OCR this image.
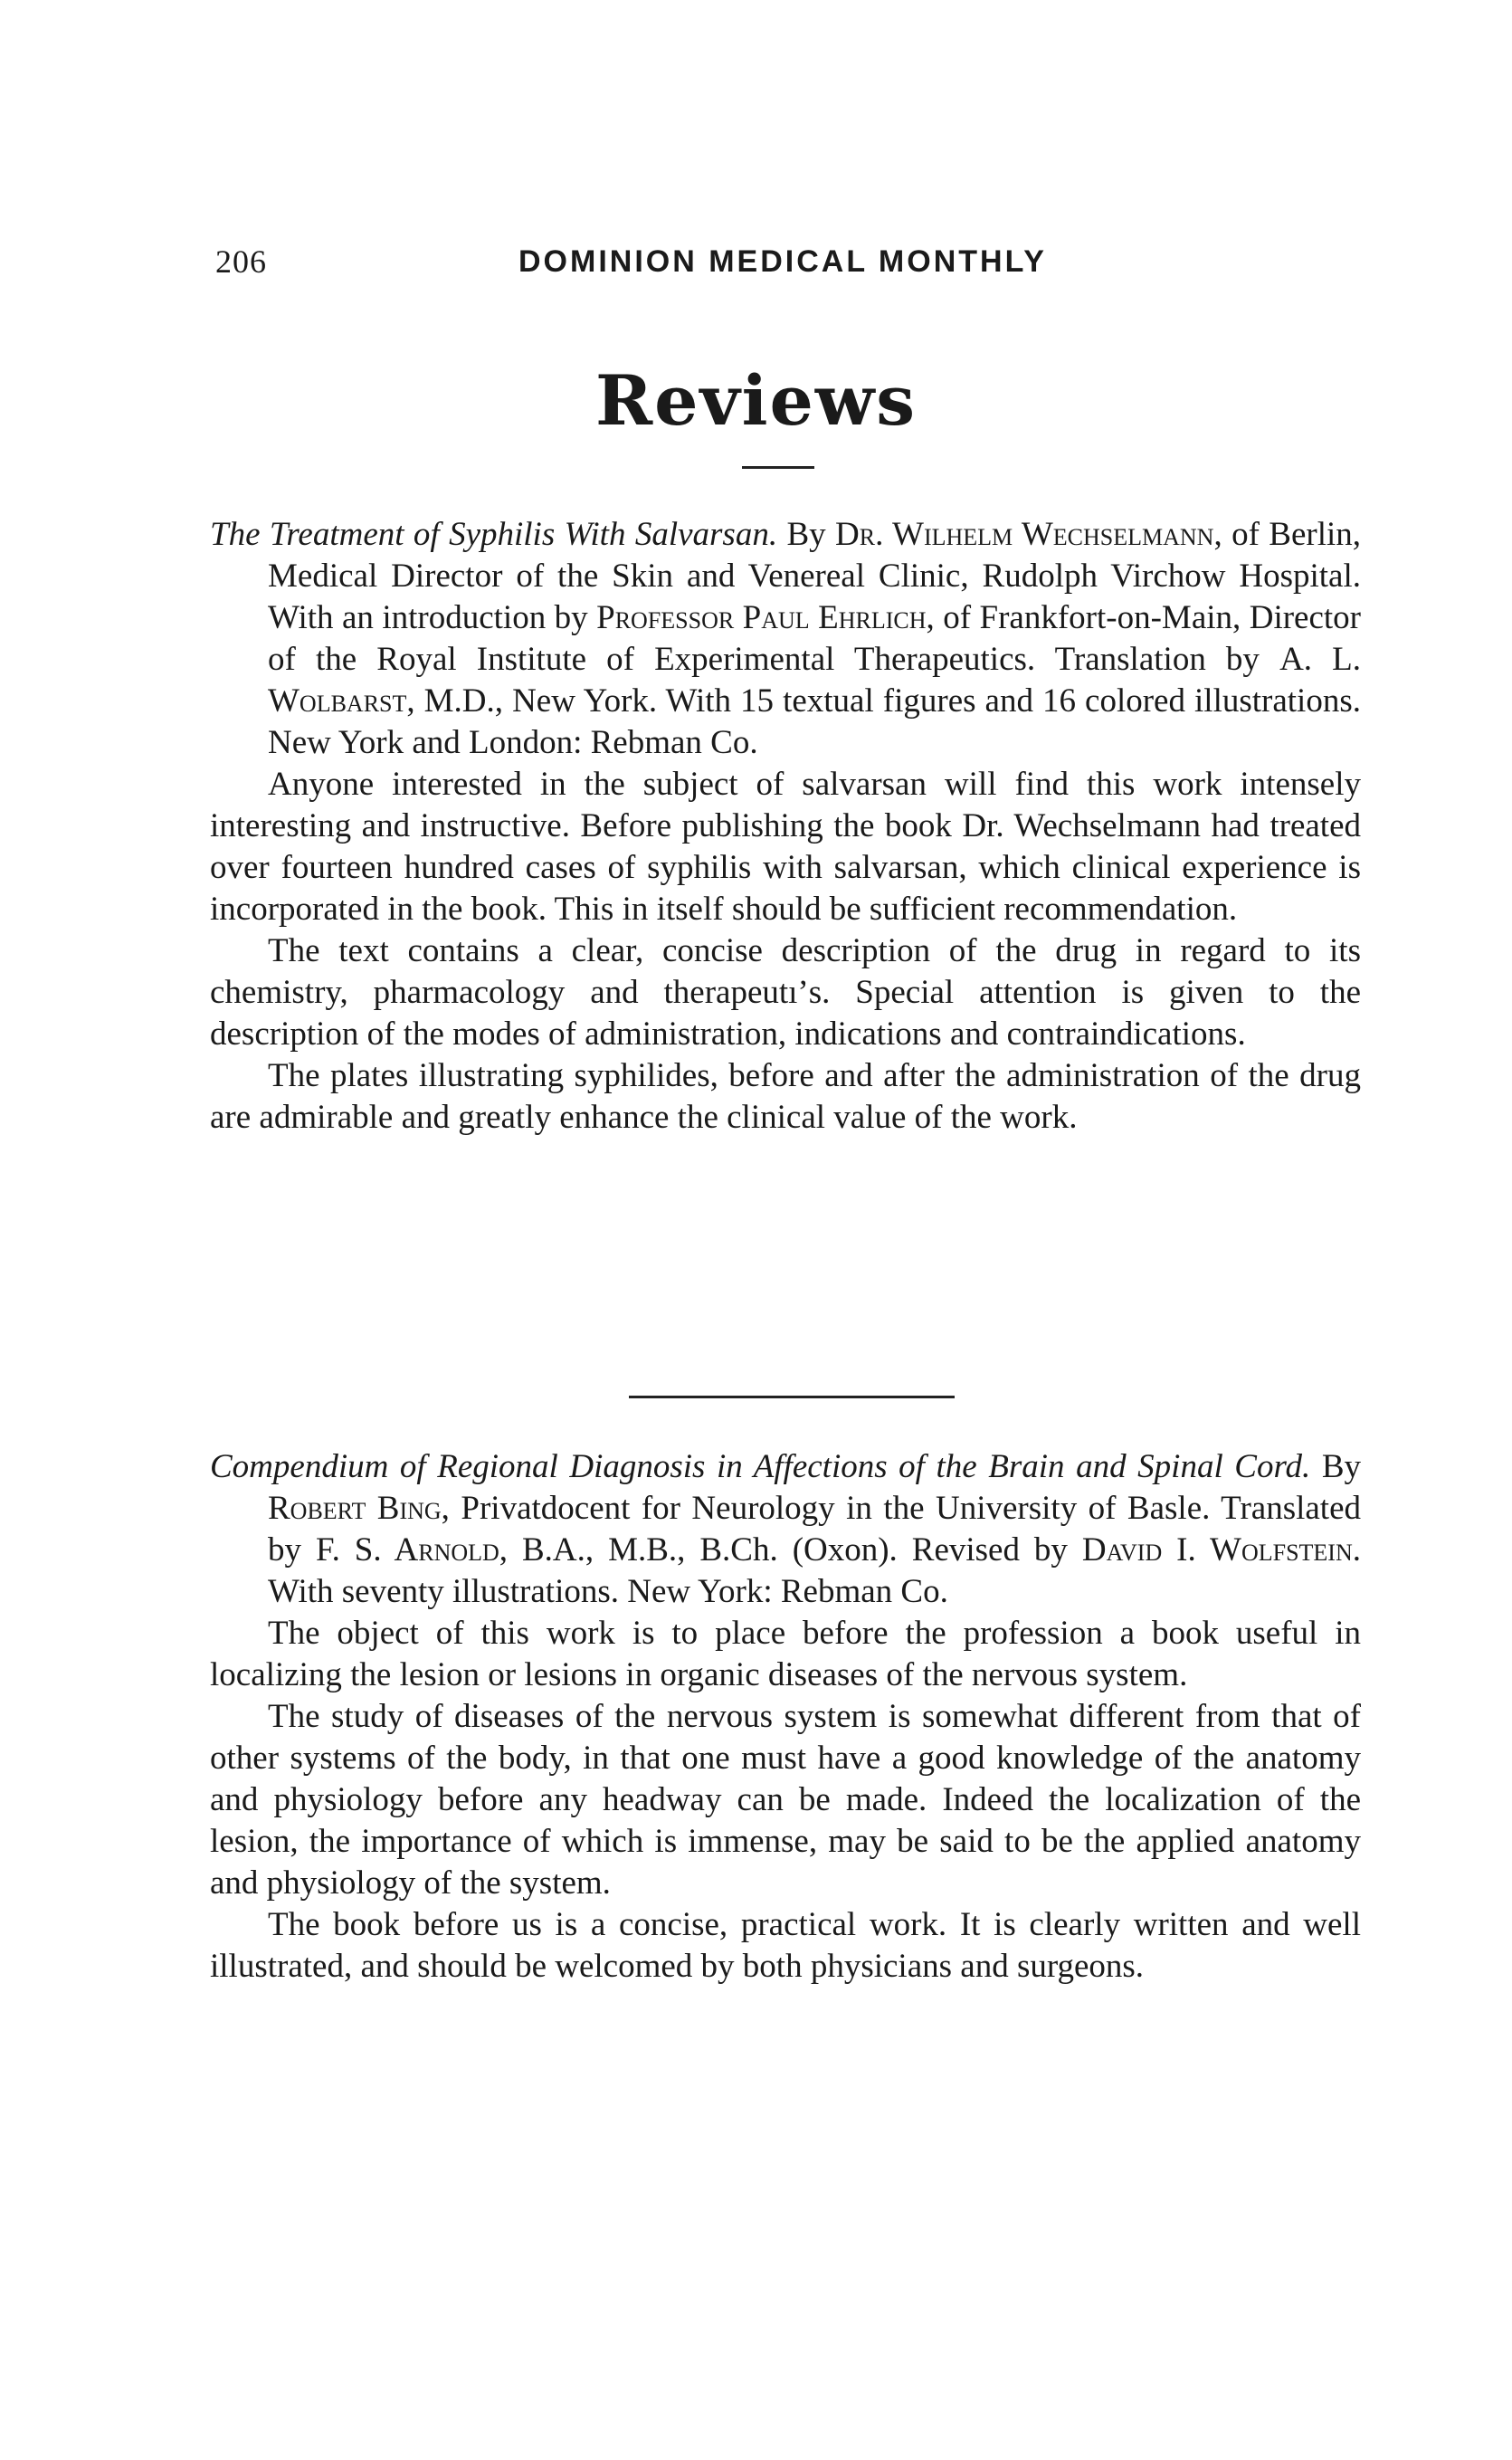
206	DOMINION MEDICAL MONTHLY
Reviews

The Treatment of Syphilis With Salvarsan. By Dr. Wilhelm Wechselmann, of Berlin, Medical Director of the Skin and Venereal Clinic, Rudolph Virchow Hospital. With an introduction by Professor Paul Ehrlich, of Frankfort-on-Main, Director of the Royal Institute of Experimental Therapeutics. Translation by A. L. Wolbarst, M.D., New York. With 15 textual figures and 16 colored illustrations. New York and London: Rebman Co.

Anyone interested in the subject of salvarsan will find this work intensely interesting and instructive. Before publishing the book Dr. Wechselmann had treated over fourteen hundred cases of syphilis with salvarsan, which clinical experience is incorporated in the book. This in itself should be sufficient recommendation.

The text contains a clear, concise description of the drug in regard to its chemistry, pharmacology and therapeutıʼs. Special attention is given to the description of the modes of administration, indications and contraindications.

The plates illustrating syphilides, before and after the administration of the drug are admirable and greatly enhance the clinical value of the work.

Compendium of Regional Diagnosis in Affections of the Brain and Spinal Cord. By Robert Bing, Privatdocent for Neurology in the University of Basle. Translated by F. S. Arnold, B.A., M.B., B.Ch. (Oxon). Revised by David I. Wolfstein. With seventy illustrations. New York: Rebman Co.

The object of this work is to place before the profession a book useful in localizing the lesion or lesions in organic diseases of the nervous system.

The study of diseases of the nervous system is somewhat different from that of other systems of the body, in that one must have a good knowledge of the anatomy and physiology before any headway can be made. Indeed the localization of the lesion, the importance of which is immense, may be said to be the applied anatomy and physiology of the system.

The book before us is a concise, practical work. It is clearly written and well illustrated, and should be welcomed by both physicians and surgeons.
